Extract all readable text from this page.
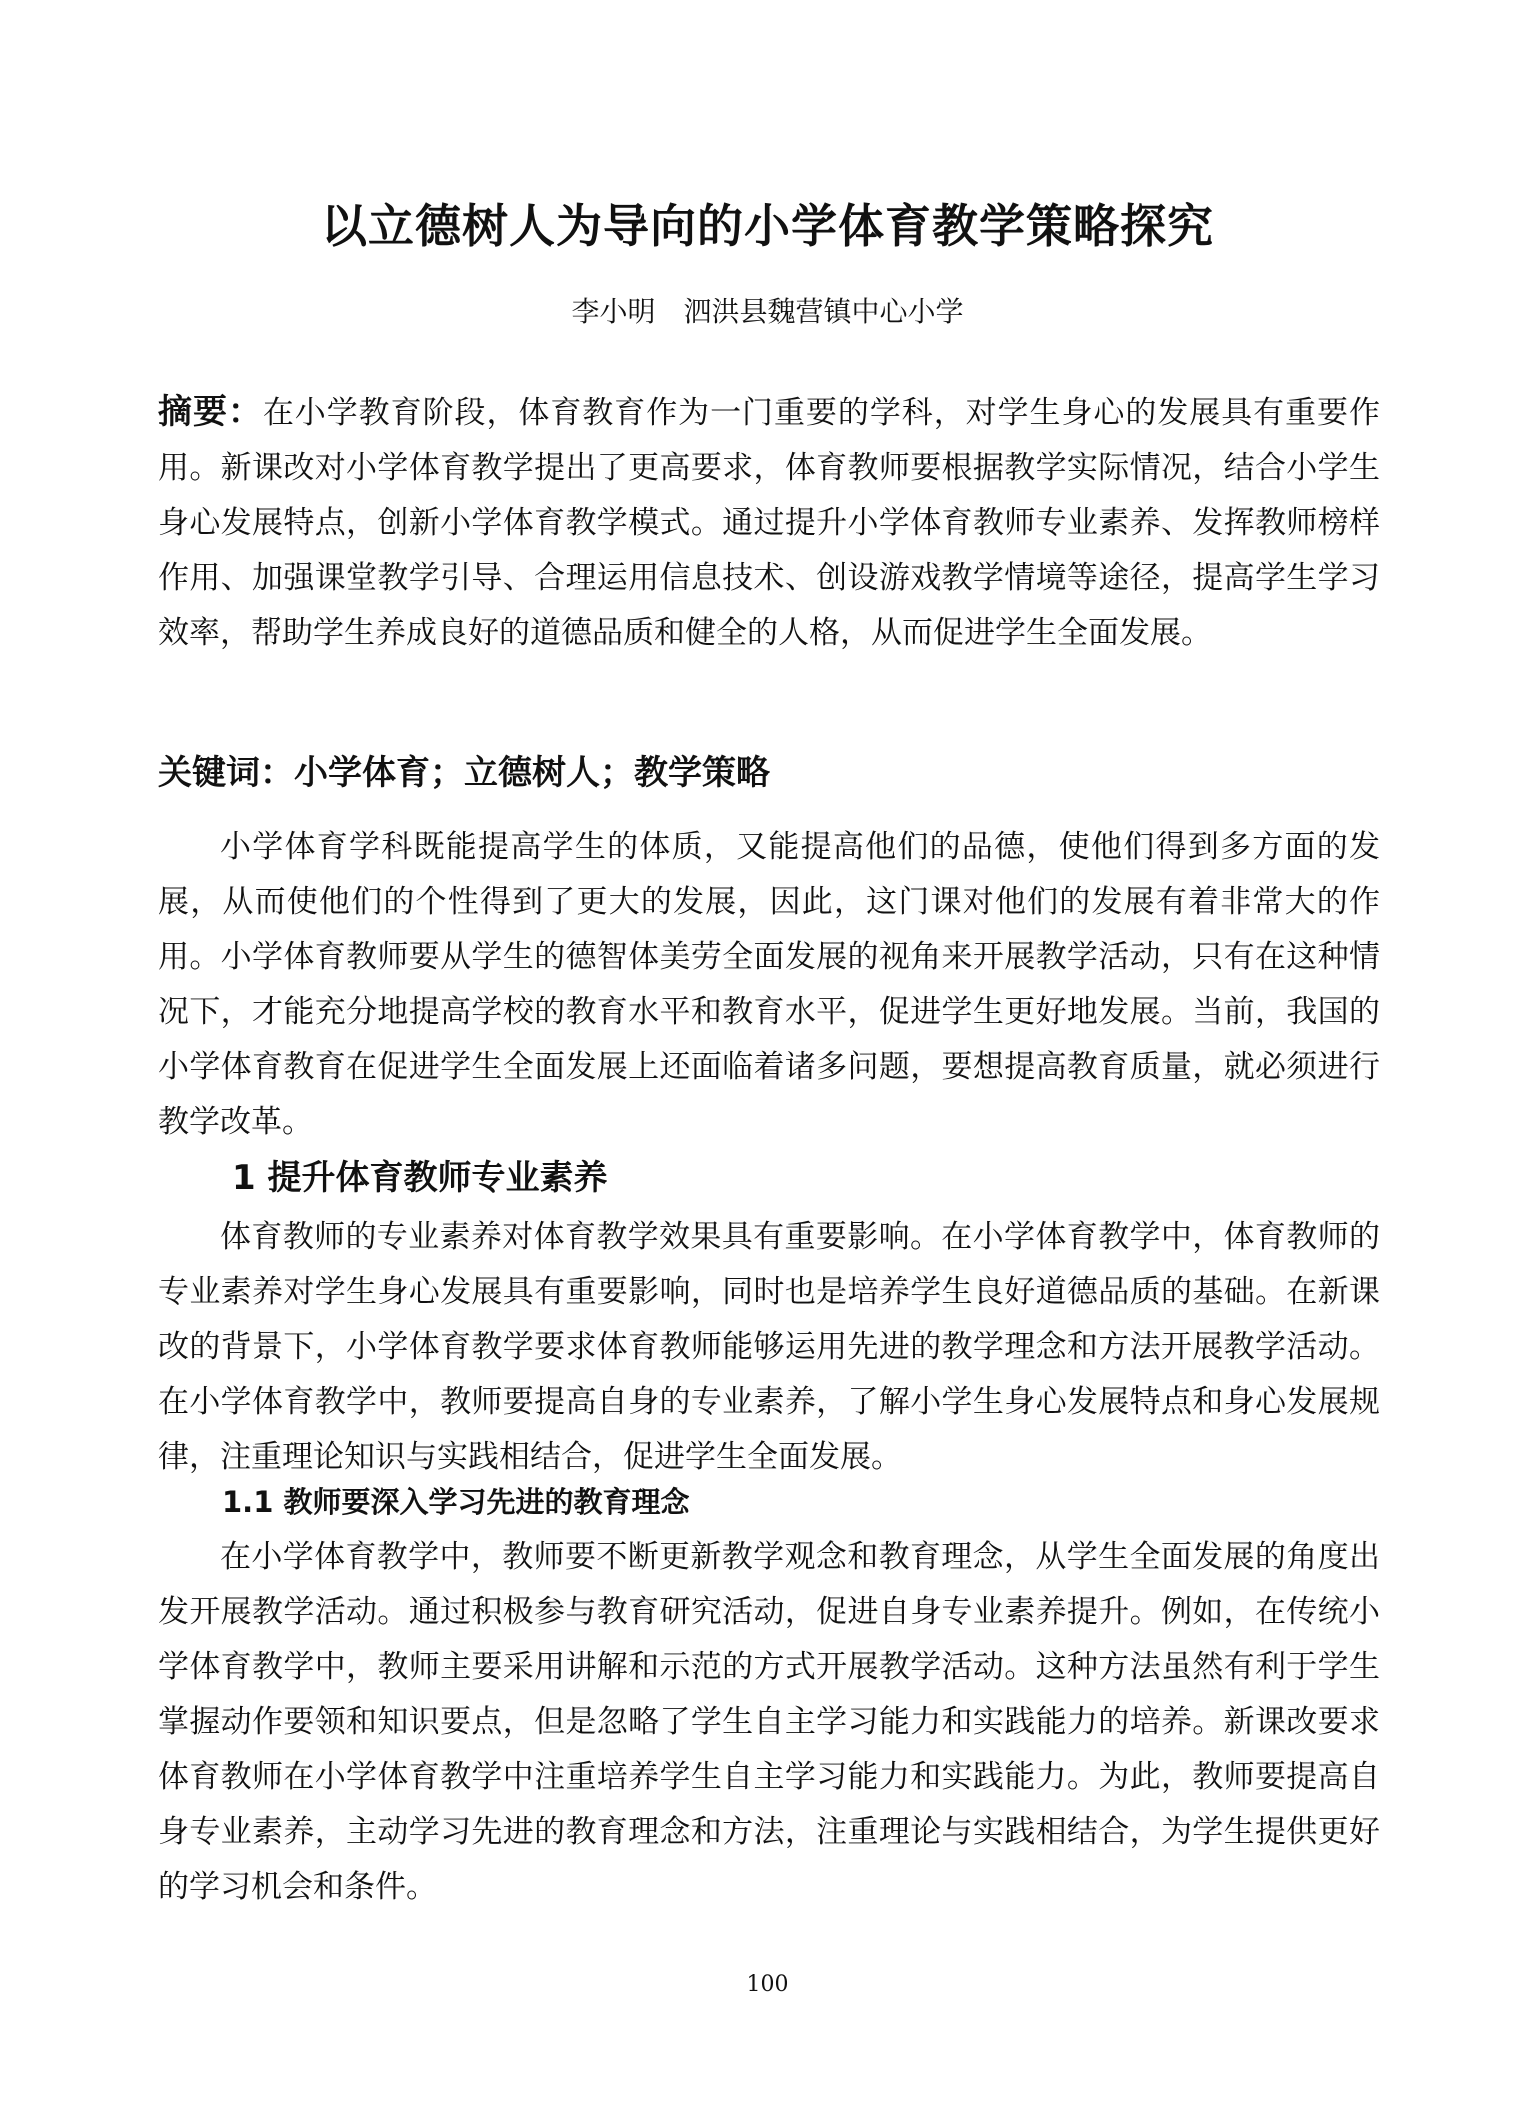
以立德树人为导向的小学体育教学策略探究
李小明 泗洪县魏营镇中心小学

摘要：在小学教育阶段，体育教育作为一门重要的学科，对学生身心的发展具有重要作用。新课改对小学体育教学提出了更高要求，体育教师要根据教学实际情况，结合小学生身心发展特点，创新小学体育教学模式。通过提升小学体育教师专业素养、发挥教师榜样作用、加强课堂教学引导、合理运用信息技术、创设游戏教学情境等途径，提高学生学习效率，帮助学生养成良好的道德品质和健全的人格，从而促进学生全面发展。

关键词：小学体育；立德树人；教学策略

小学体育学科既能提高学生的体质，又能提高他们的品德，使他们得到多方面的发展，从而使他们的个性得到了更大的发展，因此，这门课对他们的发展有着非常大的作用。小学体育教师要从学生的德智体美劳全面发展的视角来开展教学活动，只有在这种情况下，才能充分地提高学校的教育水平和教育水平，促进学生更好地发展。当前，我国的小学体育教育在促进学生全面发展上还面临着诸多问题，要想提高教育质量，就必须进行教学改革。

1 提升体育教师专业素养

体育教师的专业素养对体育教学效果具有重要影响。在小学体育教学中，体育教师的专业素养对学生身心发展具有重要影响，同时也是培养学生良好道德品质的基础。在新课改的背景下，小学体育教学要求体育教师能够运用先进的教学理念和方法开展教学活动。在小学体育教学中，教师要提高自身的专业素养，了解小学生身心发展特点和身心发展规律，注重理论知识与实践相结合，促进学生全面发展。

1.1 教师要深入学习先进的教育理念

在小学体育教学中，教师要不断更新教学观念和教育理念，从学生全面发展的角度出发开展教学活动。通过积极参与教育研究活动，促进自身专业素养提升。例如，在传统小学体育教学中，教师主要采用讲解和示范的方式开展教学活动。这种方法虽然有利于学生掌握动作要领和知识要点，但是忽略了学生自主学习能力和实践能力的培养。新课改要求体育教师在小学体育教学中注重培养学生自主学习能力和实践能力。为此，教师要提高自身专业素养，主动学习先进的教育理念和方法，注重理论与实践相结合，为学生提供更好的学习机会和条件。

100
